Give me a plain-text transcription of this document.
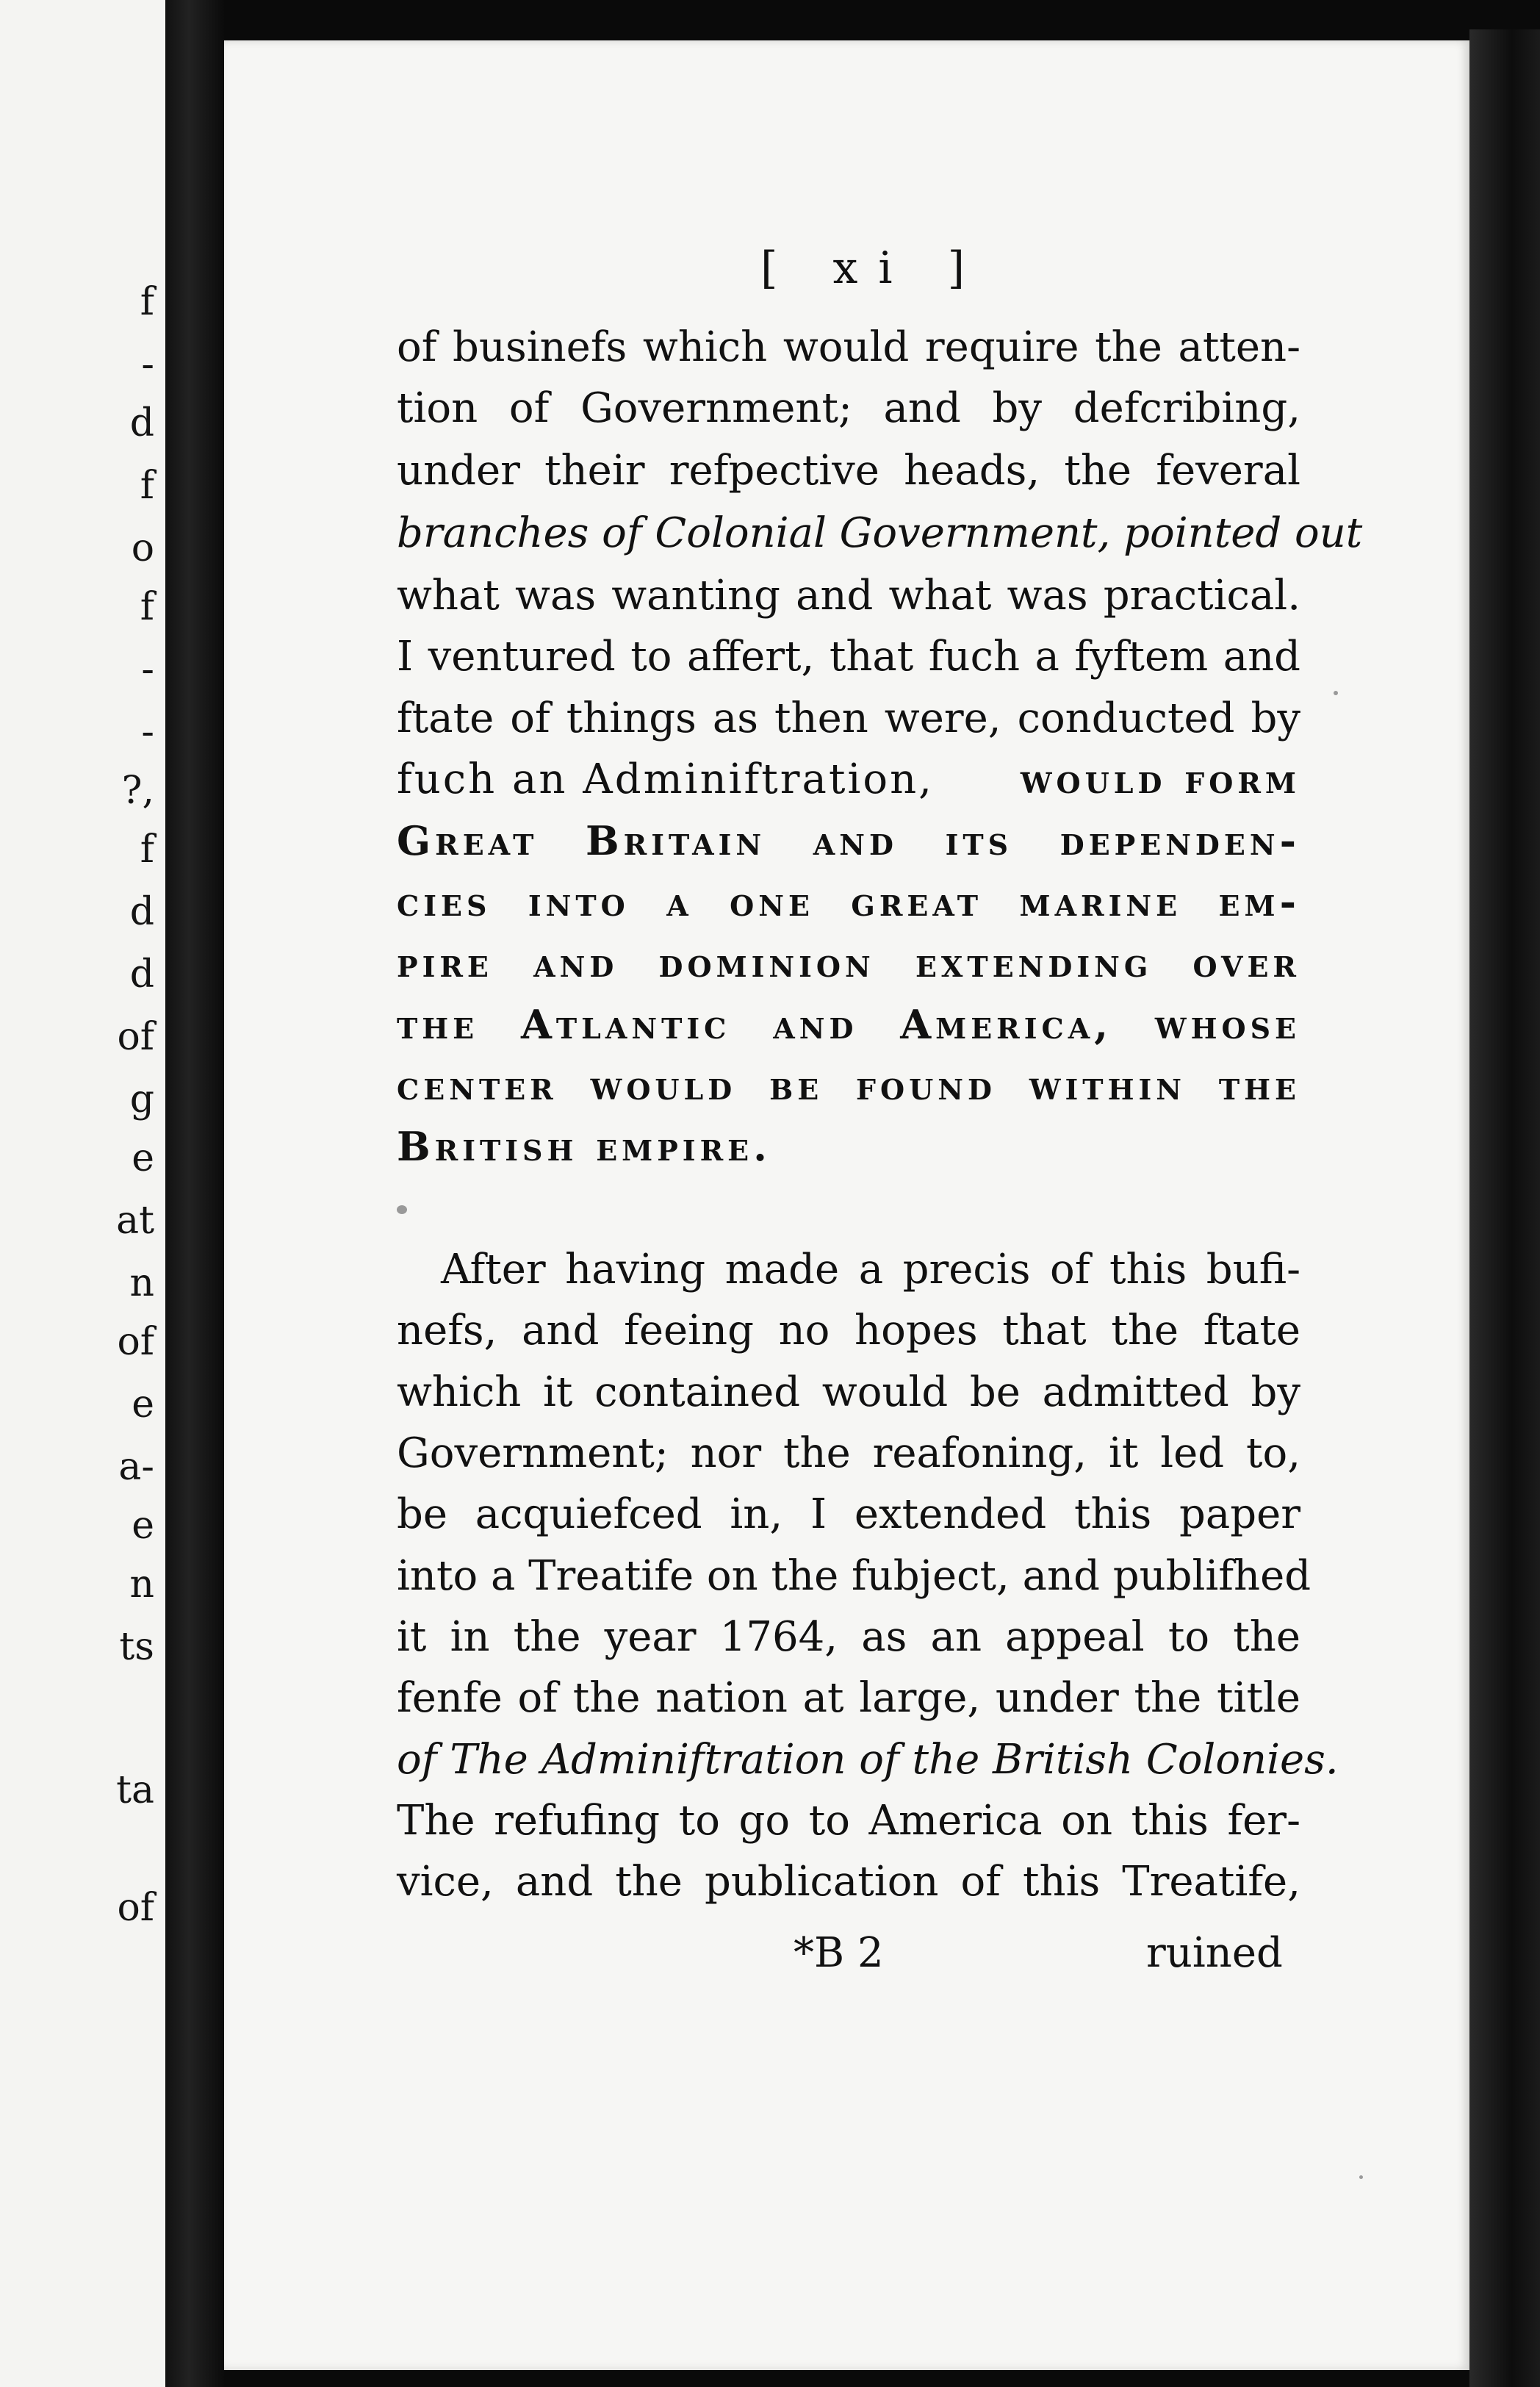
f
-
d
f
o
f
-
-
?,
f
d
d
of
g
e
at
n
of
e
a-
e
n
ts
ta
of
[ xi ]
of businefs which would require the atten-
tion of Government; and by defcribing,
under their refpective heads, the feveral
branches of Colonial Government, pointed out
what was wanting and what was practical.
I ventured to affert, that fuch a fyftem and
ftate of things as then were, conducted by
fuch an Adminiftration,	would form
Great Britain and its dependen-
cies into a one great marine em-
pire and dominion extending over
the Atlantic and America, whose
center would be found within the
British empire.
After having made a precis of this bufi-
nefs, and feeing no hopes that the ftate
which it contained would be admitted by
Government; nor the reafoning, it led to,
be acquiefced in, I extended this paper
into a Treatife on the fubject, and publifhed
it in the year 1764, as an appeal to the
fenfe of the nation at large, under the title
of The Adminiftration of the British Colonies.
The refufing to go to America on this fer-
vice, and the publication of this Treatife,
*B 2	ruined
